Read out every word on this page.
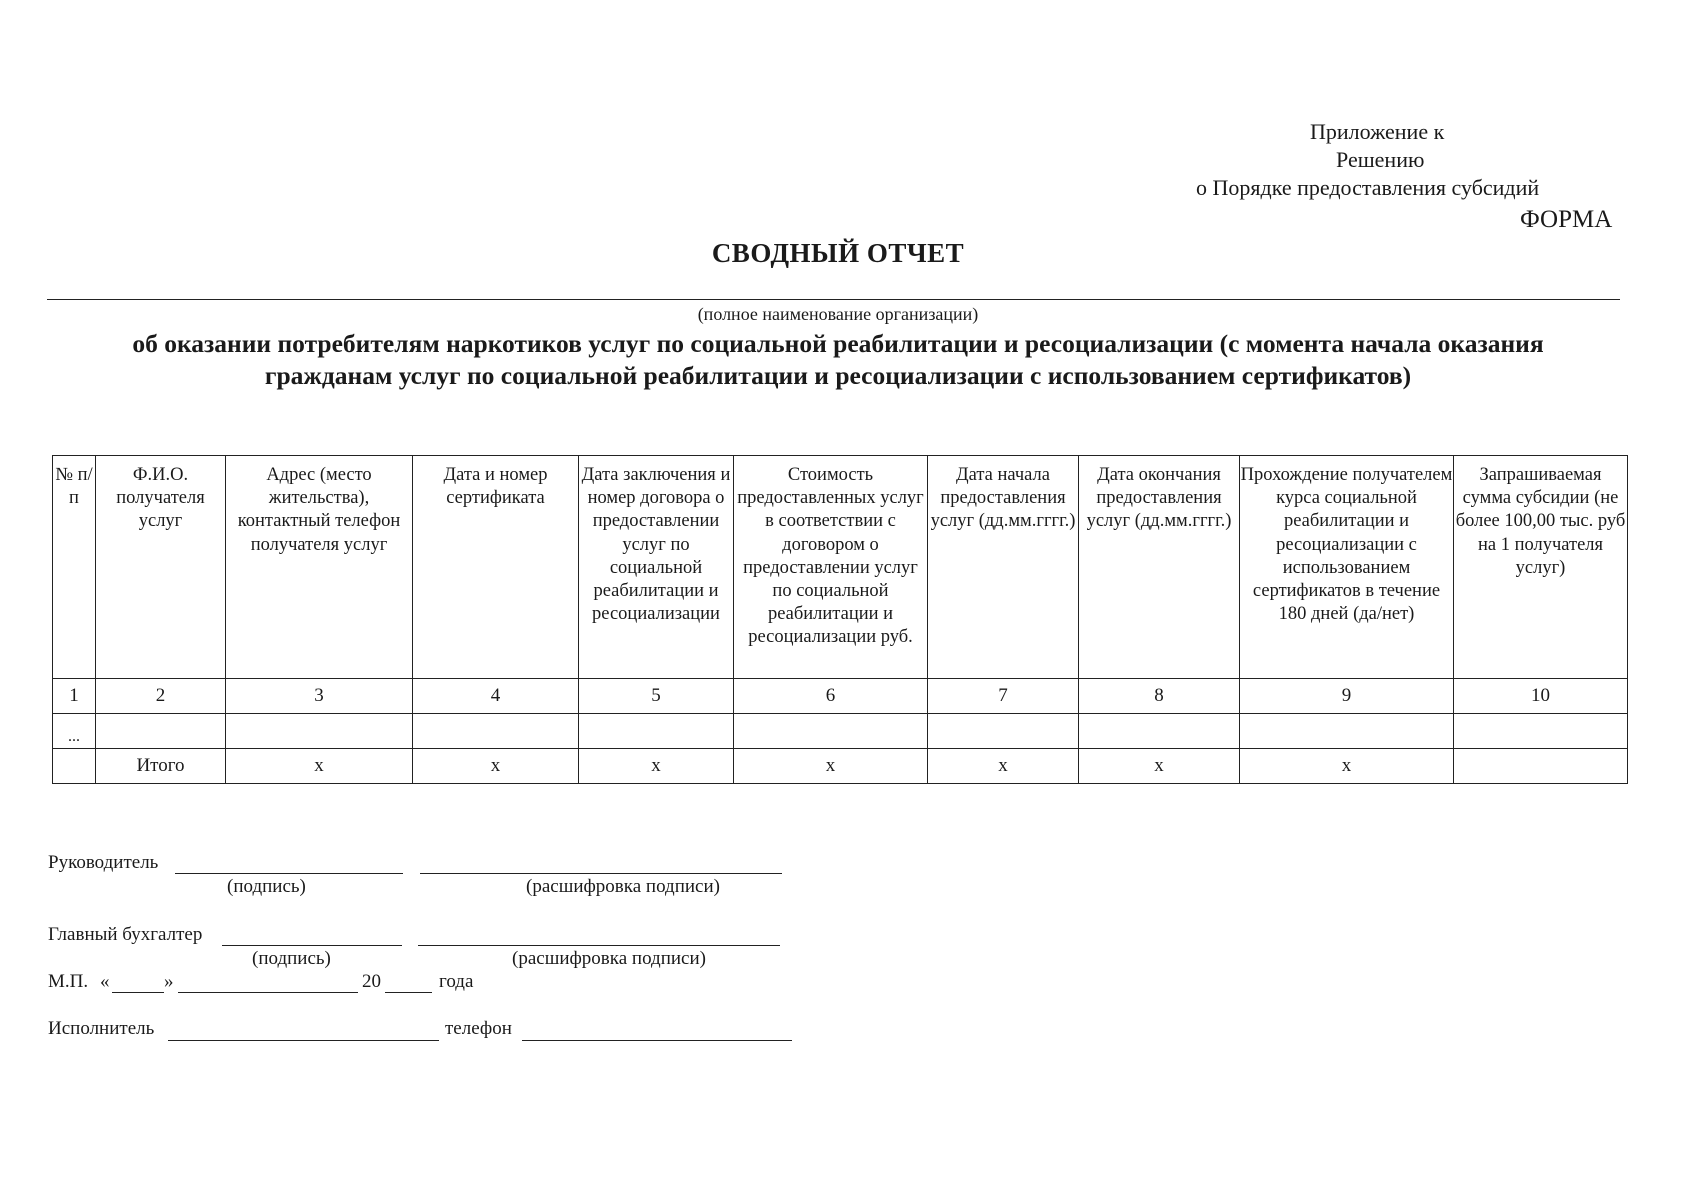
Приложение к
Решению
о Порядке предоставления субсидий
ФОРМА
СВОДНЫЙ ОТЧЕТ
(полное наименование организации)
об оказании потребителям наркотиков услуг по социальной реабилитации и ресоциализации (с момента начала оказания
гражданам услуг по социальной реабилитации и ресоциализации с использованием сертификатов)
№ п/п	Ф.И.О. получателя услуг	Адрес (место жительства), контактный телефон получателя услуг	Дата и номер сертификата	Дата заключения и номер договора о предоставлении услуг по социальной реабилитации и ресоциализации	Стоимость предоставленных услуг в соответствии с договором о предоставлении услуг по социальной реабилитации и ресоциализации руб.	Дата начала предоставления услуг (дд.мм.гггг.)	Дата окончания предоставления услуг (дд.мм.гггг.)	Прохождение получателем курса социальной реабилитации и ресоциализации с использованием сертификатов в течение 180 дней (да/нет)	Запрашиваемая сумма субсидии (не более 100,00 тыс. руб на 1 получателя услуг)
1	2	3	4	5	6	7	8	9	10
...									
	Итого	x	x	x	x	x	x	x	
Руководитель
(подпись)	(расшифровка подписи)
Главный бухгалтер
(подпись)	(расшифровка подписи)
М.П. «	»	20	года
Исполнитель	телефон
